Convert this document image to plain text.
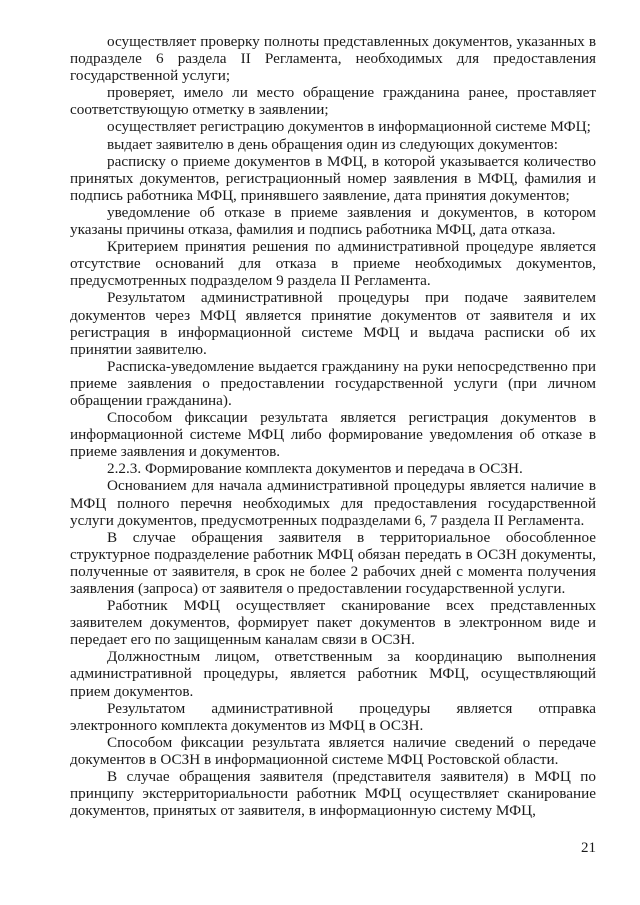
осуществляет проверку полноты представленных документов, указанных в подразделе 6 раздела II Регламента, необходимых для предоставления государственной услуги;

проверяет, имело ли место обращение гражданина ранее, проставляет соответствующую отметку в заявлении;

осуществляет регистрацию документов в информационной системе МФЦ;

выдает заявителю в день обращения один из следующих документов:

расписку о приеме документов в МФЦ, в которой указывается количество принятых документов, регистрационный номер заявления в МФЦ, фамилия и подпись работника МФЦ, принявшего заявление, дата принятия документов;

уведомление об отказе в приеме заявления и документов, в котором указаны причины отказа, фамилия и подпись работника МФЦ, дата отказа.

Критерием принятия решения по административной процедуре является отсутствие оснований для отказа в приеме необходимых документов, предусмотренных подразделом 9 раздела II Регламента.

Результатом административной процедуры при подаче заявителем документов через МФЦ является принятие документов от заявителя и их регистрация в информационной системе МФЦ и выдача расписки об их принятии заявителю.

Расписка-уведомление выдается гражданину на руки непосредственно при приеме заявления о предоставлении государственной услуги (при личном обращении гражданина).

Способом фиксации результата является регистрация документов в информационной системе МФЦ либо формирование уведомления об отказе в приеме заявления и документов.

2.2.3. Формирование комплекта документов и передача в ОСЗН.

Основанием для начала административной процедуры является наличие в МФЦ полного перечня необходимых для предоставления государственной услуги документов, предусмотренных подразделами 6, 7 раздела II Регламента.

В случае обращения заявителя в территориальное обособленное структурное подразделение работник МФЦ обязан передать в ОСЗН документы, полученные от заявителя, в срок не более 2 рабочих дней с момента получения заявления (запроса) от заявителя о предоставлении государственной услуги.

Работник МФЦ осуществляет сканирование всех представленных заявителем документов, формирует пакет документов в электронном виде и передает его по защищенным каналам связи в ОСЗН.

Должностным лицом, ответственным за координацию выполнения административной процедуры, является работник МФЦ, осуществляющий прием документов.

Результатом административной процедуры является отправка электронного комплекта документов из МФЦ в ОСЗН.

Способом фиксации результата является наличие сведений о передаче документов в ОСЗН в информационной системе МФЦ Ростовской области.

В случае обращения заявителя (представителя заявителя) в МФЦ по принципу экстерриториальности работник МФЦ осуществляет сканирование документов, принятых от заявителя, в информационную систему МФЦ,

21
